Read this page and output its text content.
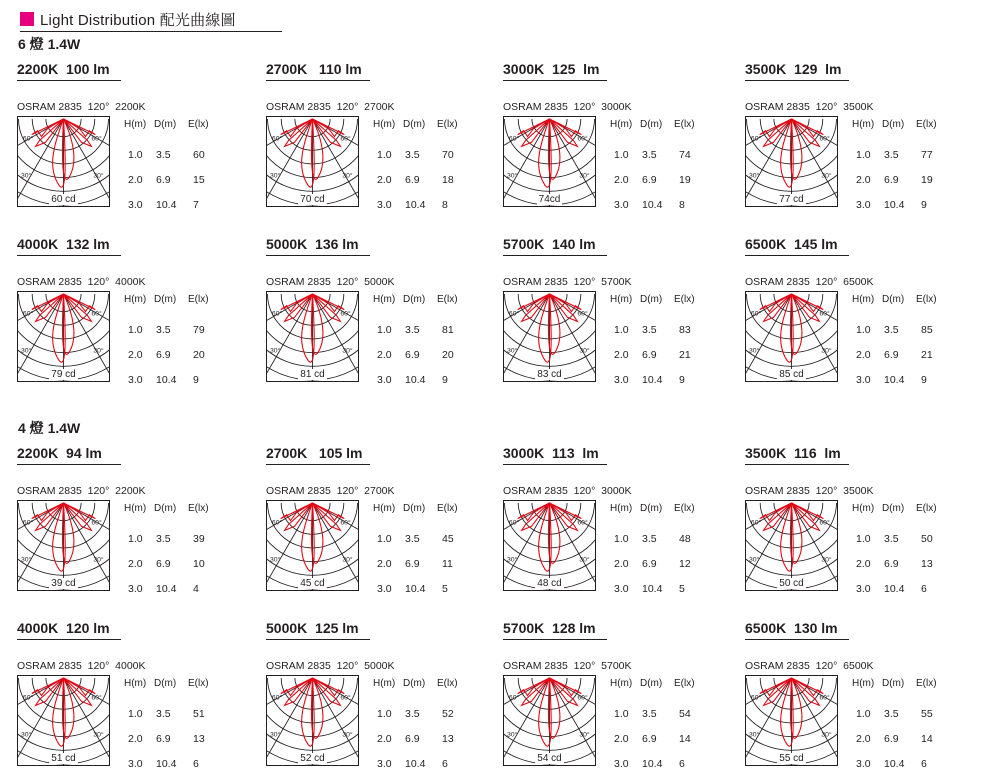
Light Distribution 配光曲線圖
6 燈 1.4W
2200K  100 lm
OSRAM 2835  120°  2200K
60°	60°
30°	30°
60 cd
H(m) D(m) E(lx)
1.0 3.5 60
2.0 6.9 15
3.0 10.4 7
2700K   110 lm
OSRAM 2835  120°  2700K
60°	60°
30°	30°
70 cd
H(m) D(m) E(lx)
1.0 3.5 70
2.0 6.9 18
3.0 10.4 8
3000K  125  lm
OSRAM 2835  120°  3000K
60°	60°
30°	30°
74cd
H(m) D(m) E(lx)
1.0 3.5 74
2.0 6.9 19
3.0 10.4 8
3500K  129  lm
OSRAM 2835  120°  3500K
60°	60°
30°	30°
77 cd
H(m) D(m) E(lx)
1.0 3.5 77
2.0 6.9 19
3.0 10.4 9
4000K  132 lm
OSRAM 2835  120°  4000K
60°	60°
30°	30°
79 cd
H(m) D(m) E(lx)
1.0 3.5 79
2.0 6.9 20
3.0 10.4 9
5000K  136 lm
OSRAM 2835  120°  5000K
60°	60°
30°	30°
81 cd
H(m) D(m) E(lx)
1.0 3.5 81
2.0 6.9 20
3.0 10.4 9
5700K  140 lm
OSRAM 2835  120°  5700K
60°	60°
30°	30°
83 cd
H(m) D(m) E(lx)
1.0 3.5 83
2.0 6.9 21
3.0 10.4 9
6500K  145 lm
OSRAM 2835  120°  6500K
60°	60°
30°	30°
85 cd
H(m) D(m) E(lx)
1.0 3.5 85
2.0 6.9 21
3.0 10.4 9
4 燈 1.4W
2200K  94 lm
OSRAM 2835  120°  2200K
60°	60°
30°	30°
39 cd
H(m) D(m) E(lx)
1.0 3.5 39
2.0 6.9 10
3.0 10.4 4
2700K   105 lm
OSRAM 2835  120°  2700K
60°	60°
30°	30°
45 cd
H(m) D(m) E(lx)
1.0 3.5 45
2.0 6.9 11
3.0 10.4 5
3000K  113  lm
OSRAM 2835  120°  3000K
60°	60°
30°	30°
48 cd
H(m) D(m) E(lx)
1.0 3.5 48
2.0 6.9 12
3.0 10.4 5
3500K  116  lm
OSRAM 2835  120°  3500K
60°	60°
30°	30°
50 cd
H(m) D(m) E(lx)
1.0 3.5 50
2.0 6.9 13
3.0 10.4 6
4000K  120 lm
OSRAM 2835  120°  4000K
60°	60°
30°	30°
51 cd
H(m) D(m) E(lx)
1.0 3.5 51
2.0 6.9 13
3.0 10.4 6
5000K  125 lm
OSRAM 2835  120°  5000K
60°	60°
30°	30°
52 cd
H(m) D(m) E(lx)
1.0 3.5 52
2.0 6.9 13
3.0 10.4 6
5700K  128 lm
OSRAM 2835  120°  5700K
60°	60°
30°	30°
54 cd
H(m) D(m) E(lx)
1.0 3.5 54
2.0 6.9 14
3.0 10.4 6
6500K  130 lm
OSRAM 2835  120°  6500K
60°	60°
30°	30°
55 cd
H(m) D(m) E(lx)
1.0 3.5 55
2.0 6.9 14
3.0 10.4 6
